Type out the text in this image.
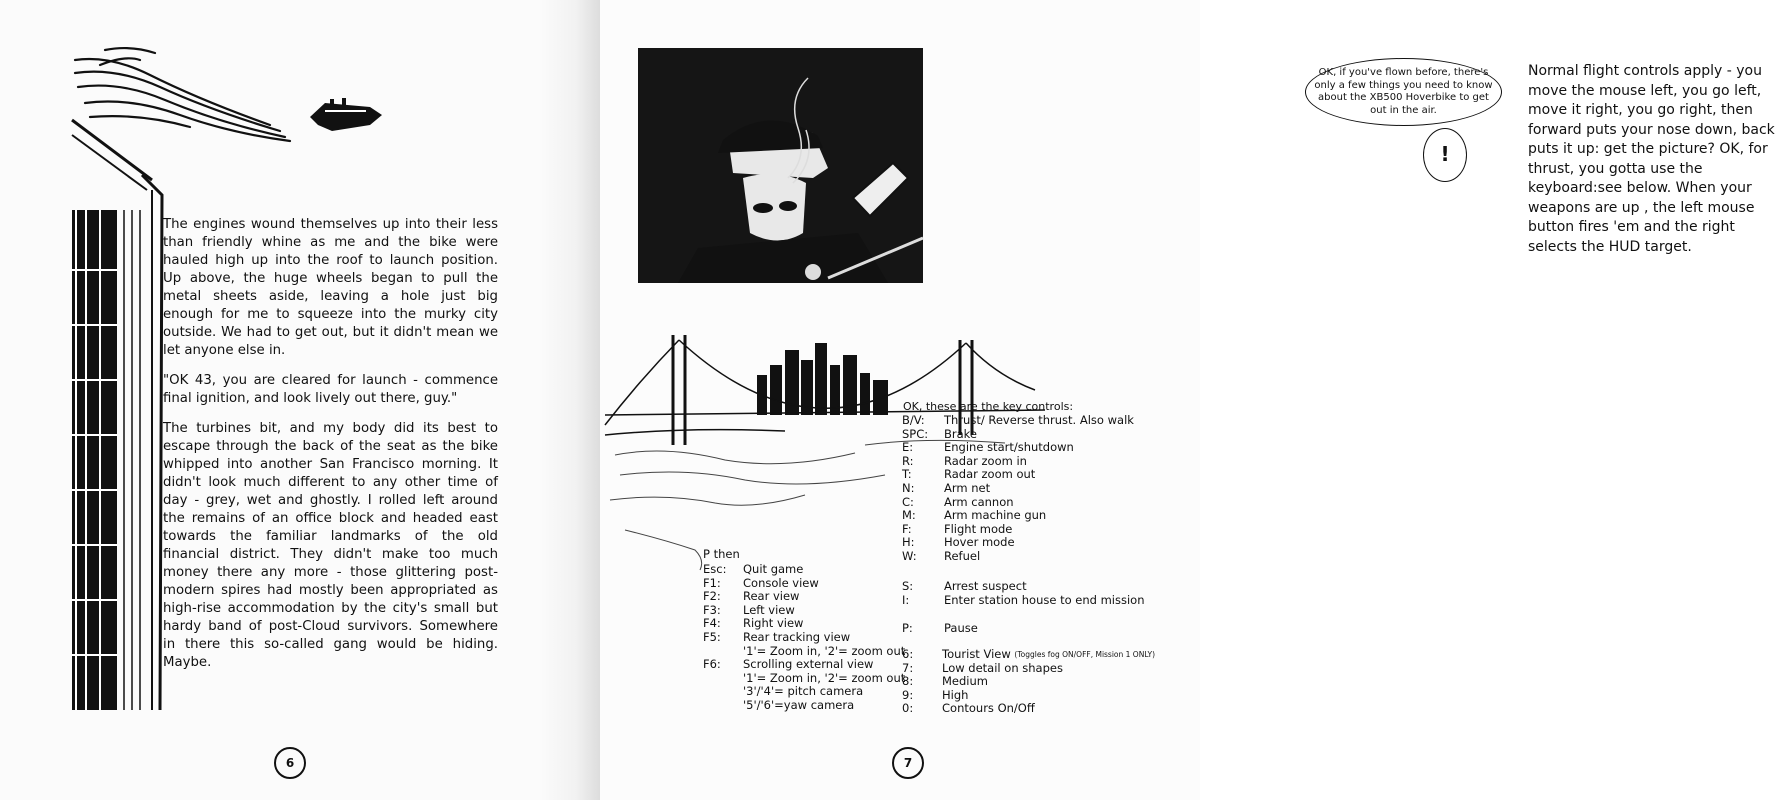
The engines wound themselves up into their less than friendly whine as me and the bike were hauled high up into the roof to launch position. Up above, the huge wheels began to pull the metal sheets aside, leaving a hole just big enough for me to squeeze into the murky city outside. We had to get out, but it didn't mean we let anyone else in.

"OK 43, you are cleared for launch - commence final ignition, and look lively out there, guy."

The turbines bit, and my body did its best to escape through the back of the seat as the bike whipped into another San Francisco morning. It didn't look much different to any other time of day - grey, wet and ghostly. I rolled left around the remains of an office block and headed east towards the familiar landmarks of the old financial district. They didn't make too much money there any more - those glittering post-modern spires had mostly been appropriated as high-rise accommodation by the city's small but hardy band of post-Cloud survivors. Somewhere in there this so-called gang would be hiding. Maybe.

6
OK, if you've flown before, there's only a few things you need to know about the XB500 Hoverbike to get out in the air.
!
Normal flight controls apply - you move the mouse left, you go left, move it right, you go right, then forward puts your nose down, back puts it up: get the picture? OK, for thrust, you gotta use the keyboard:see below. When your weapons are up , the left mouse button fires 'em and the right selects the HUD target.
OK, these are the key controls:
B/V:	Thrust/ Reverse thrust. Also walk
SPC:	Brake
E:	Engine start/shutdown
R:	Radar zoom in
T:	Radar zoom out
N:	Arm net
C:	Arm cannon
M:	Arm machine gun
F:	Flight mode
H:	Hover mode
W:	Refuel
S:	Arrest suspect
I:	Enter station house to end mission
P:	Pause
6:	Tourist View
(Toggles fog ON/OFF, Mission 1 ONLY)
7:	Low detail on shapes
8:	Medium
9:	High
0:	Contours On/Off
P then
Esc:	Quit game
F1:	Console view
F2:	Rear view
F3:	Left view
F4:	Right view
F5:	Rear tracking view
'1'= Zoom in, '2'= zoom out
F6:	Scrolling external view
'1'= Zoom in, '2'= zoom out
'3'/'4'= pitch camera
'5'/'6'=yaw camera
7
